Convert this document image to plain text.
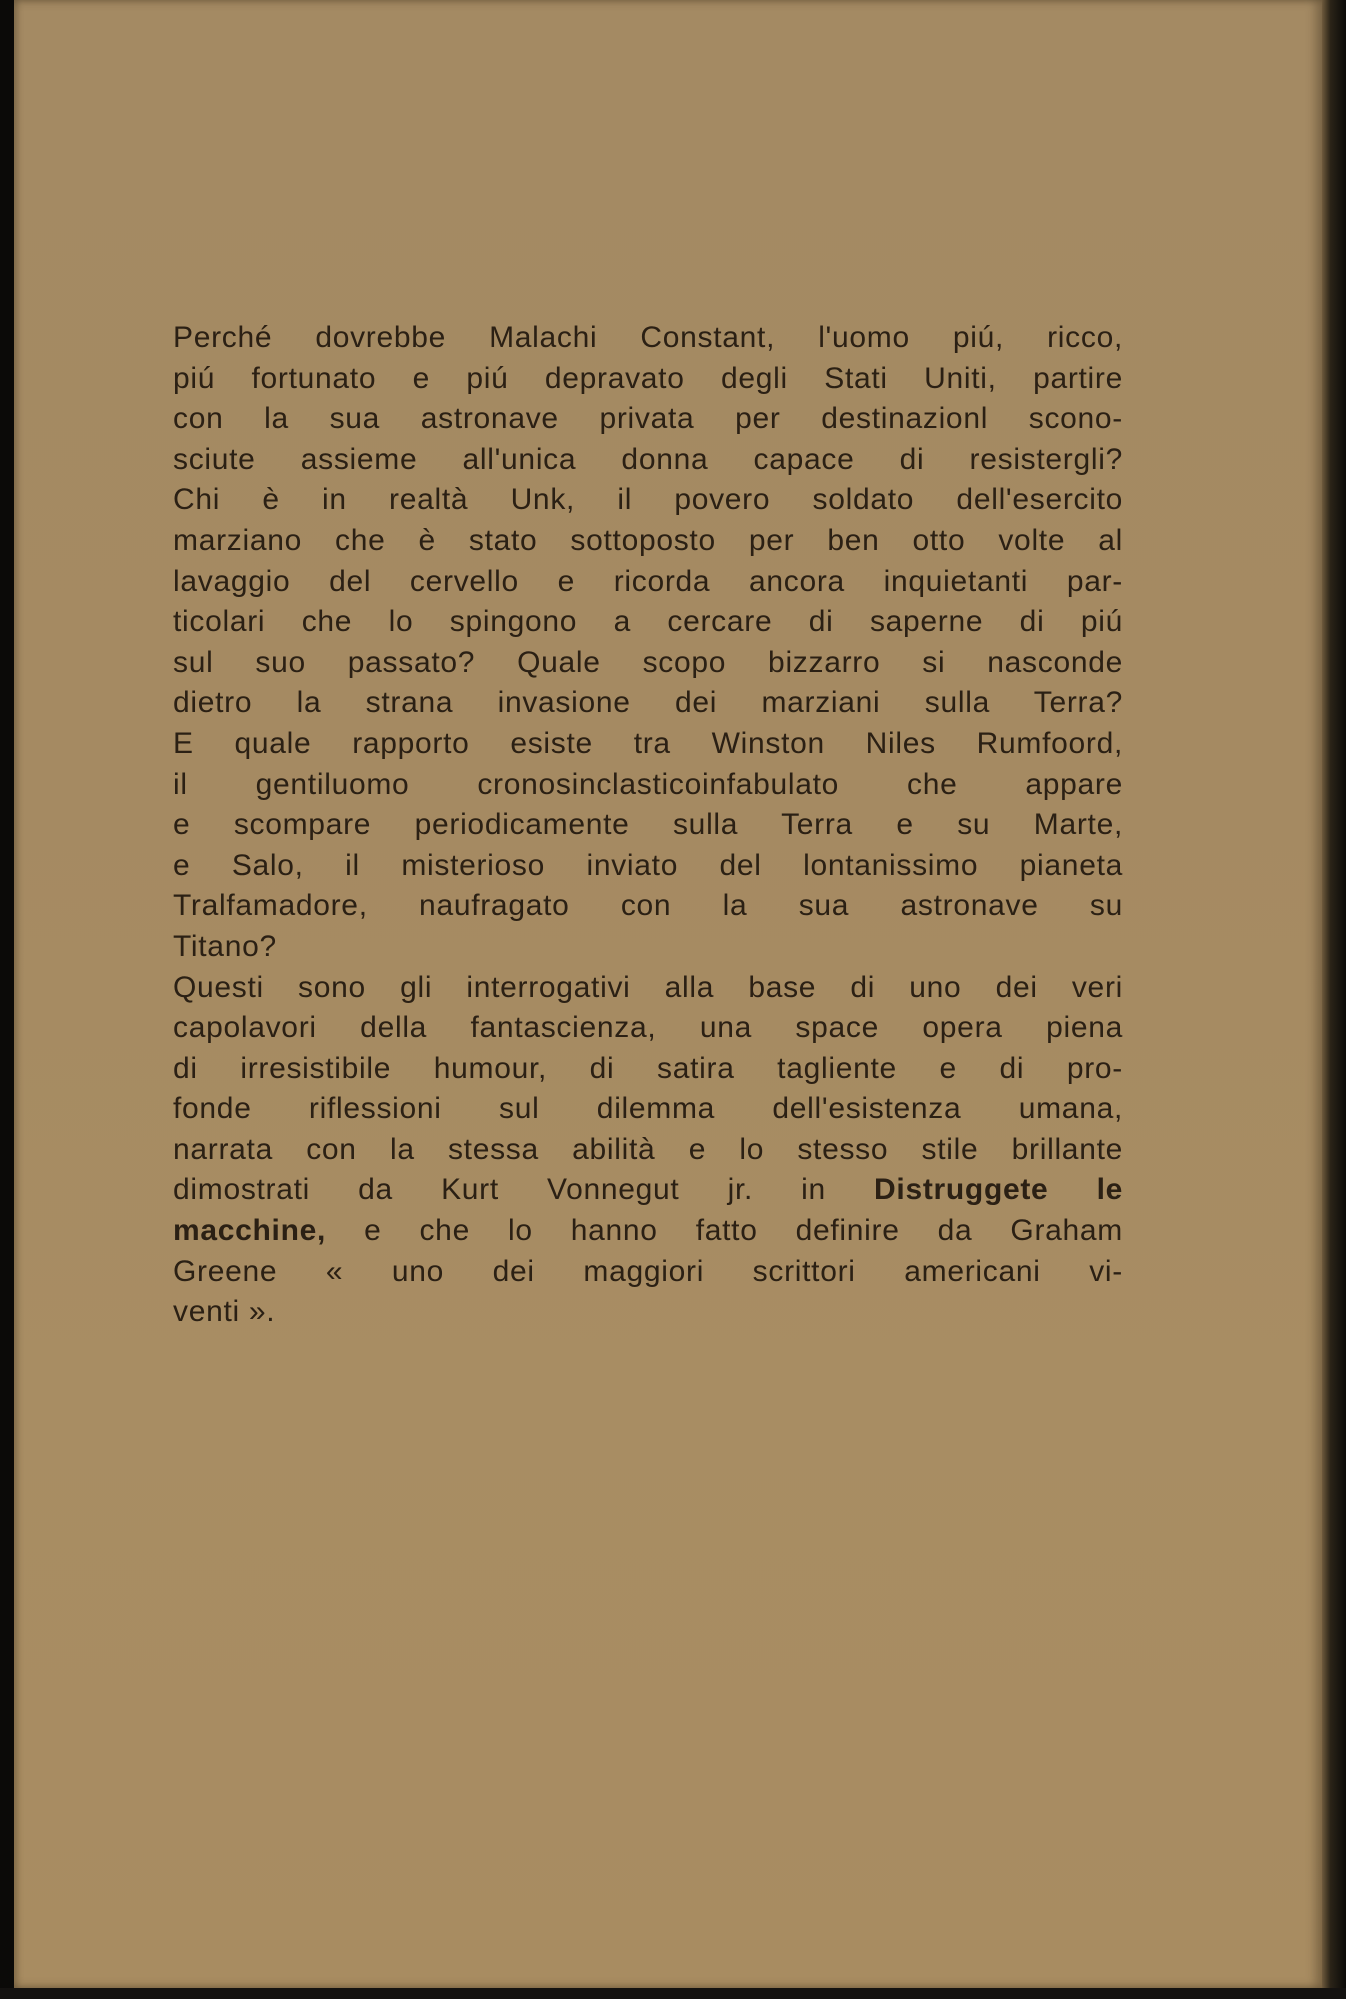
Perché dovrebbe Malachi Constant, l'uomo piú, ricco,
piú fortunato e piú depravato degli Stati Uniti, partire
con la sua astronave privata per destinazionl scono-
sciute assieme all'unica donna capace di resistergli?
Chi è in realtà Unk, il povero soldato dell'esercito
marziano che è stato sottoposto per ben otto volte al
lavaggio del cervello e ricorda ancora inquietanti par-
ticolari che lo spingono a cercare di saperne di piú
sul suo passato? Quale scopo bizzarro si nasconde
dietro la strana invasione dei marziani sulla Terra?
E quale rapporto esiste tra Winston Niles Rumfoord,
il gentiluomo cronosinclasticoinfabulato che appare
e scompare periodicamente sulla Terra e su Marte,
e Salo, il misterioso inviato del lontanissimo pianeta
Tralfamadore, naufragato con la sua astronave su
Titano?
Questi sono gli interrogativi alla base di uno dei veri
capolavori della fantascienza, una space opera piena
di irresistibile humour, di satira tagliente e di pro-
fonde riflessioni sul dilemma dell'esistenza umana,
narrata con la stessa abilità e lo stesso stile brillante
dimostrati da Kurt Vonnegut jr. in Distruggete le
macchine, e che lo hanno fatto definire da Graham
Greene « uno dei maggiori scrittori americani vi-
venti ».
